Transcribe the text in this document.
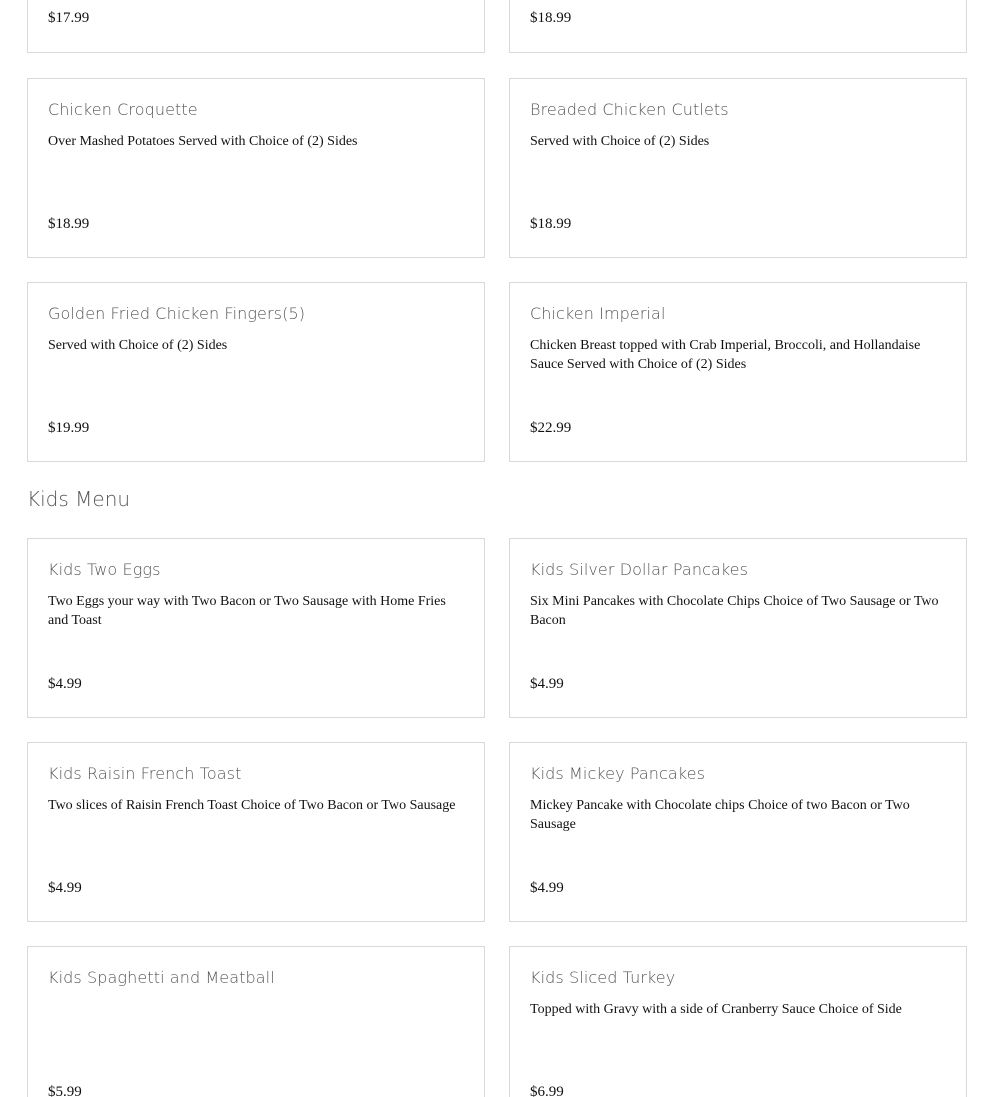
$17.99	$18.99
Chicken Croquette
Over Mashed Potatoes Served with Choice of (2) Sides
$18.99
Breaded Chicken Cutlets
Served with Choice of (2) Sides
$18.99
Golden Fried Chicken Fingers(5)
Served with Choice of (2) Sides
$19.99
Chicken Imperial
Chicken Breast topped with Crab Imperial, Broccoli, and Hollandaise Sauce Served with Choice of (2) Sides
$22.99
Kids Menu
Kids Two Eggs
Two Eggs your way with Two Bacon or Two Sausage with Home Fries and Toast
$4.99
Kids Silver Dollar Pancakes
Six Mini Pancakes with Chocolate Chips Choice of Two Sausage or Two Bacon
$4.99
Kids Raisin French Toast
Two slices of Raisin French Toast Choice of Two Bacon or Two Sausage
$4.99
Kids Mickey Pancakes
Mickey Pancake with Chocolate chips Choice of two Bacon or Two Sausage
$4.99
Kids Spaghetti and Meatball
$5.99
Kids Sliced Turkey
Topped with Gravy with a side of Cranberry Sauce Choice of Side
$6.99
